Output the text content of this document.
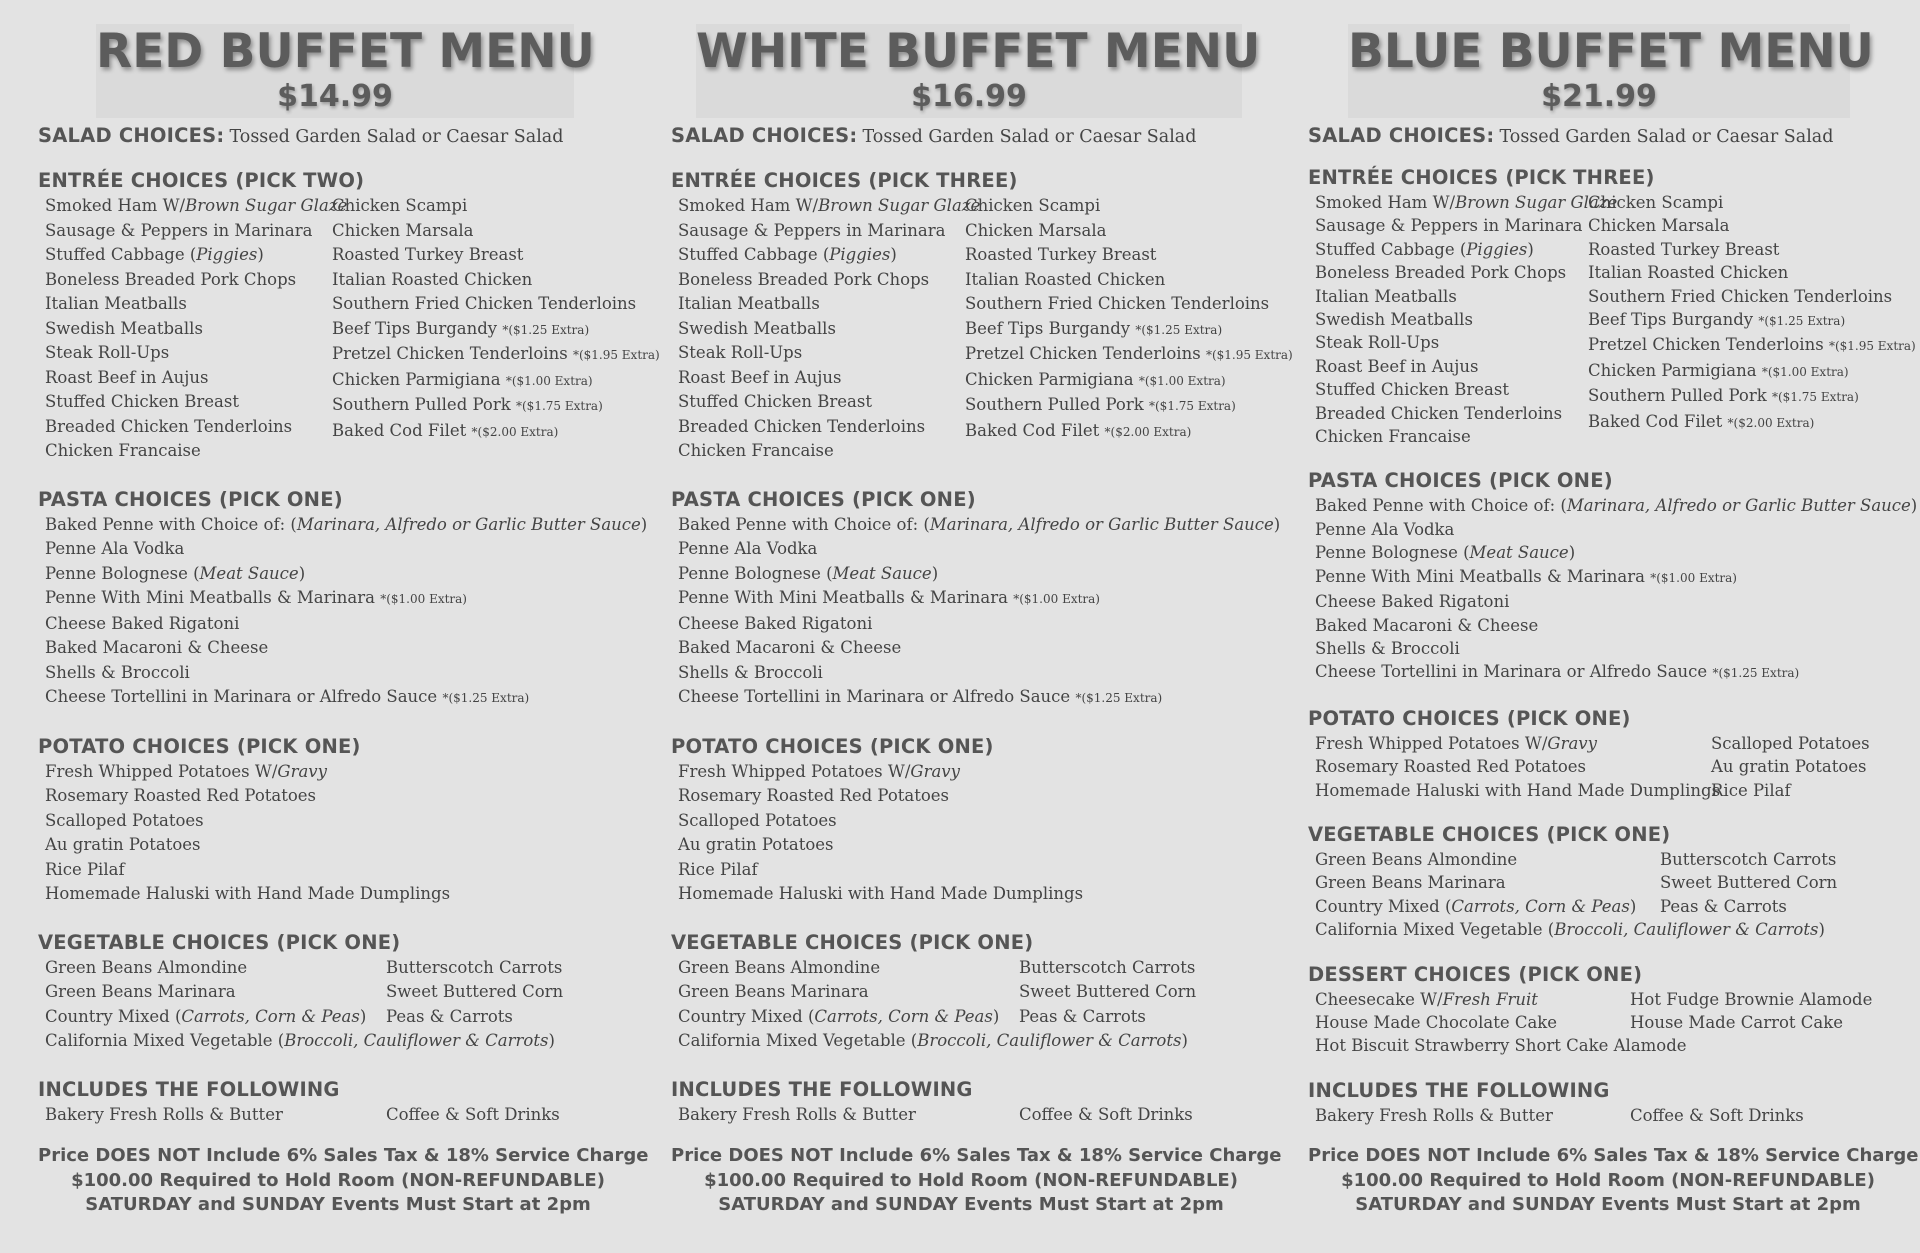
RED BUFFET MENU
$14.99
SALAD CHOICES: Tossed Garden Salad or Caesar Salad
ENTRÉE CHOICES (PICK TWO)
Smoked Ham W/Brown Sugar Glaze
Sausage & Peppers in Marinara
Stuffed Cabbage (Piggies)
Boneless Breaded Pork Chops
Italian Meatballs
Swedish Meatballs
Steak Roll-Ups
Roast Beef in Aujus
Stuffed Chicken Breast
Breaded Chicken Tenderloins
Chicken Francaise
Chicken Scampi
Chicken Marsala
Roasted Turkey Breast
Italian Roasted Chicken
Southern Fried Chicken Tenderloins
Beef Tips Burgandy *($1.25 Extra)
Pretzel Chicken Tenderloins *($1.95 Extra)
Chicken Parmigiana *($1.00 Extra)
Southern Pulled Pork *($1.75 Extra)
Baked Cod Filet *($2.00 Extra)
PASTA CHOICES (PICK ONE)
Baked Penne with Choice of: (Marinara, Alfredo or Garlic Butter Sauce)
Penne Ala Vodka
Penne Bolognese (Meat Sauce)
Penne With Mini Meatballs & Marinara *($1.00 Extra)
Cheese Baked Rigatoni
Baked Macaroni & Cheese
Shells & Broccoli
Cheese Tortellini in Marinara or Alfredo Sauce *($1.25 Extra)
POTATO CHOICES (PICK ONE)
Fresh Whipped Potatoes W/Gravy
Rosemary Roasted Red Potatoes
Scalloped Potatoes
Au gratin Potatoes
Rice Pilaf
Homemade Haluski with Hand Made Dumplings
VEGETABLE CHOICES (PICK ONE)
Green Beans Almondine
Green Beans Marinara
Country Mixed (Carrots, Corn & Peas)
Butterscotch Carrots
Sweet Buttered Corn
Peas & Carrots
California Mixed Vegetable (Broccoli, Cauliflower & Carrots)
INCLUDES THE FOLLOWING
Bakery Fresh Rolls & Butter	Coffee & Soft Drinks
Price DOES NOT Include 6% Sales Tax & 18% Service Charge
$100.00 Required to Hold Room (NON-REFUNDABLE)
SATURDAY and SUNDAY Events Must Start at 2pm
WHITE BUFFET MENU
$16.99
SALAD CHOICES: Tossed Garden Salad or Caesar Salad
ENTRÉE CHOICES (PICK THREE)
Smoked Ham W/Brown Sugar Glaze
Sausage & Peppers in Marinara
Stuffed Cabbage (Piggies)
Boneless Breaded Pork Chops
Italian Meatballs
Swedish Meatballs
Steak Roll-Ups
Roast Beef in Aujus
Stuffed Chicken Breast
Breaded Chicken Tenderloins
Chicken Francaise
Chicken Scampi
Chicken Marsala
Roasted Turkey Breast
Italian Roasted Chicken
Southern Fried Chicken Tenderloins
Beef Tips Burgandy *($1.25 Extra)
Pretzel Chicken Tenderloins *($1.95 Extra)
Chicken Parmigiana *($1.00 Extra)
Southern Pulled Pork *($1.75 Extra)
Baked Cod Filet *($2.00 Extra)
PASTA CHOICES (PICK ONE)
Baked Penne with Choice of: (Marinara, Alfredo or Garlic Butter Sauce)
Penne Ala Vodka
Penne Bolognese (Meat Sauce)
Penne With Mini Meatballs & Marinara *($1.00 Extra)
Cheese Baked Rigatoni
Baked Macaroni & Cheese
Shells & Broccoli
Cheese Tortellini in Marinara or Alfredo Sauce *($1.25 Extra)
POTATO CHOICES (PICK ONE)
Fresh Whipped Potatoes W/Gravy
Rosemary Roasted Red Potatoes
Scalloped Potatoes
Au gratin Potatoes
Rice Pilaf
Homemade Haluski with Hand Made Dumplings
VEGETABLE CHOICES (PICK ONE)
Green Beans Almondine
Green Beans Marinara
Country Mixed (Carrots, Corn & Peas)
Butterscotch Carrots
Sweet Buttered Corn
Peas & Carrots
California Mixed Vegetable (Broccoli, Cauliflower & Carrots)
INCLUDES THE FOLLOWING
Bakery Fresh Rolls & Butter	Coffee & Soft Drinks
Price DOES NOT Include 6% Sales Tax & 18% Service Charge
$100.00 Required to Hold Room (NON-REFUNDABLE)
SATURDAY and SUNDAY Events Must Start at 2pm
BLUE BUFFET MENU
$21.99
SALAD CHOICES: Tossed Garden Salad or Caesar Salad
ENTRÉE CHOICES (PICK THREE)
Smoked Ham W/Brown Sugar Glaze
Sausage & Peppers in Marinara
Stuffed Cabbage (Piggies)
Boneless Breaded Pork Chops
Italian Meatballs
Swedish Meatballs
Steak Roll-Ups
Roast Beef in Aujus
Stuffed Chicken Breast
Breaded Chicken Tenderloins
Chicken Francaise
Chicken Scampi
Chicken Marsala
Roasted Turkey Breast
Italian Roasted Chicken
Southern Fried Chicken Tenderloins
Beef Tips Burgandy *($1.25 Extra)
Pretzel Chicken Tenderloins *($1.95 Extra)
Chicken Parmigiana *($1.00 Extra)
Southern Pulled Pork *($1.75 Extra)
Baked Cod Filet *($2.00 Extra)
PASTA CHOICES (PICK ONE)
Baked Penne with Choice of: (Marinara, Alfredo or Garlic Butter Sauce)
Penne Ala Vodka
Penne Bolognese (Meat Sauce)
Penne With Mini Meatballs & Marinara *($1.00 Extra)
Cheese Baked Rigatoni
Baked Macaroni & Cheese
Shells & Broccoli
Cheese Tortellini in Marinara or Alfredo Sauce *($1.25 Extra)
POTATO CHOICES (PICK ONE)
Fresh Whipped Potatoes W/Gravy
Rosemary Roasted Red Potatoes
Homemade Haluski with Hand Made Dumplings
Scalloped Potatoes
Au gratin Potatoes
Rice Pilaf
VEGETABLE CHOICES (PICK ONE)
Green Beans Almondine
Green Beans Marinara
Country Mixed (Carrots, Corn & Peas)
Butterscotch Carrots
Sweet Buttered Corn
Peas & Carrots
California Mixed Vegetable (Broccoli, Cauliflower & Carrots)
DESSERT CHOICES (PICK ONE)
Cheesecake W/Fresh Fruit
House Made Chocolate Cake
Hot Fudge Brownie Alamode
House Made Carrot Cake
Hot Biscuit Strawberry Short Cake Alamode
INCLUDES THE FOLLOWING
Bakery Fresh Rolls & Butter	Coffee & Soft Drinks
Price DOES NOT Include 6% Sales Tax & 18% Service Charge
$100.00 Required to Hold Room (NON-REFUNDABLE)
SATURDAY and SUNDAY Events Must Start at 2pm
